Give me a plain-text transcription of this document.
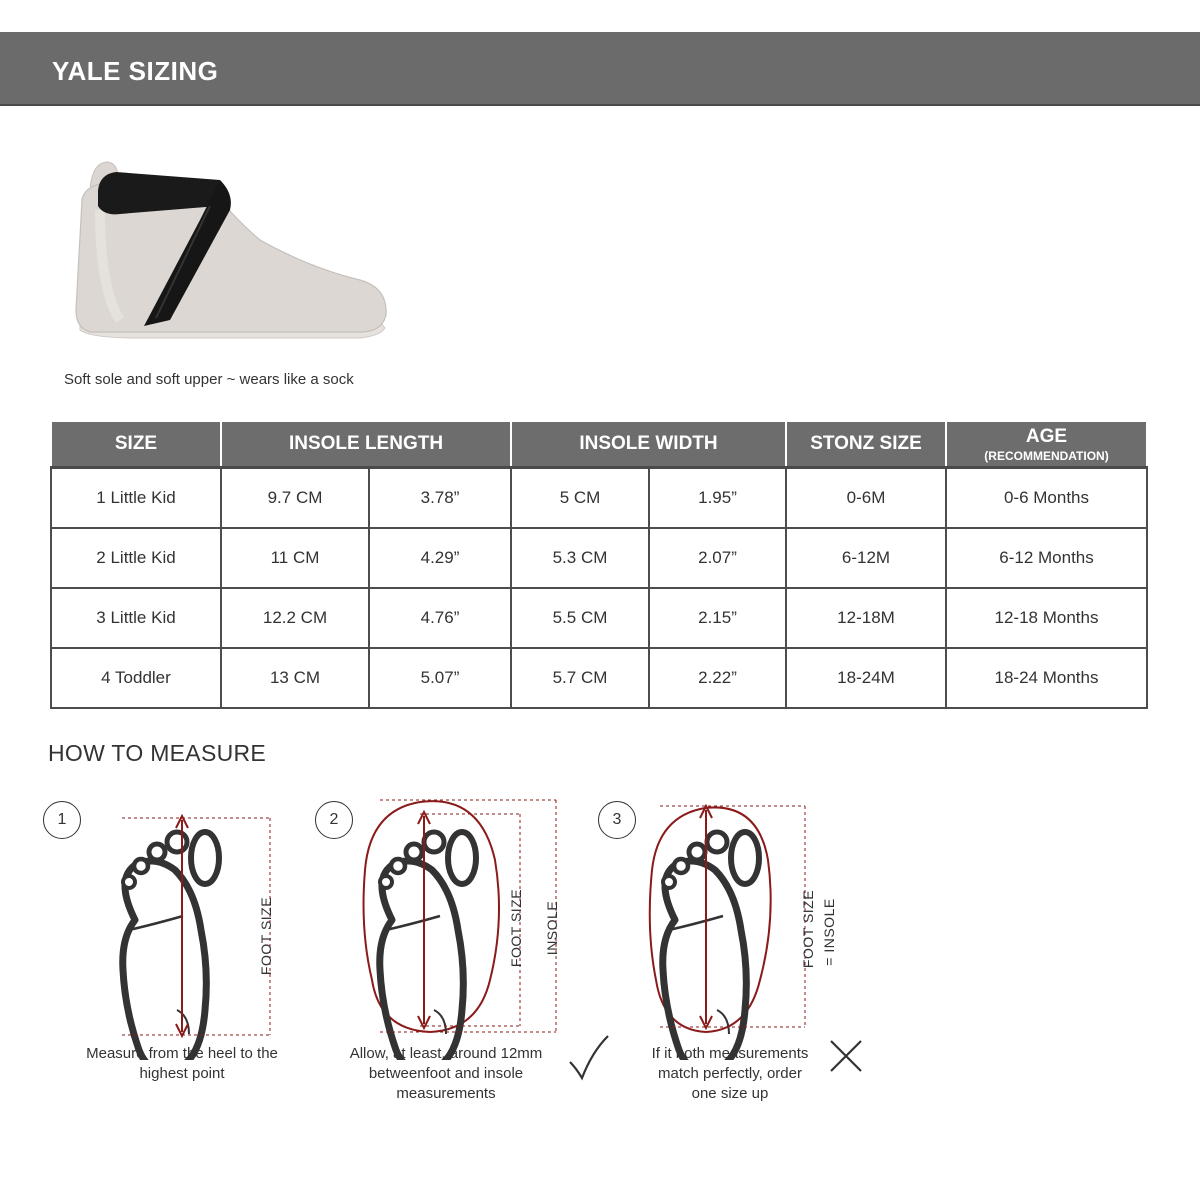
YALE SIZING
Soft sole and soft upper ~ wears like a sock
SIZE	INSOLE LENGTH		INSOLE WIDTH		STONZ SIZE	AGE
(RECOMMENDATION)

1 Little Kid	9.7 CM	3.78”	5 CM	1.95”	0-6M	0-6 Months
2 Little Kid	11 CM	4.29”	5.3 CM	2.07”	6-12M	6-12 Months
3 Little Kid	12.2 CM	4.76”	5.5 CM	2.15”	12-18M	12-18 Months
4 Toddler	13 CM	5.07”	5.7 CM	2.22”	18-24M	18-24 Months
HOW TO MEASURE
1	2	3
FOOT SIZE	FOOT SIZE INSOLE	FOOT SIZE = INSOLE
Measure from the heel to the
highest point
Allow, at least, around 12mm
betweenfoot and insole
measurements
If it both measurements
match perfectly, order
one size up
